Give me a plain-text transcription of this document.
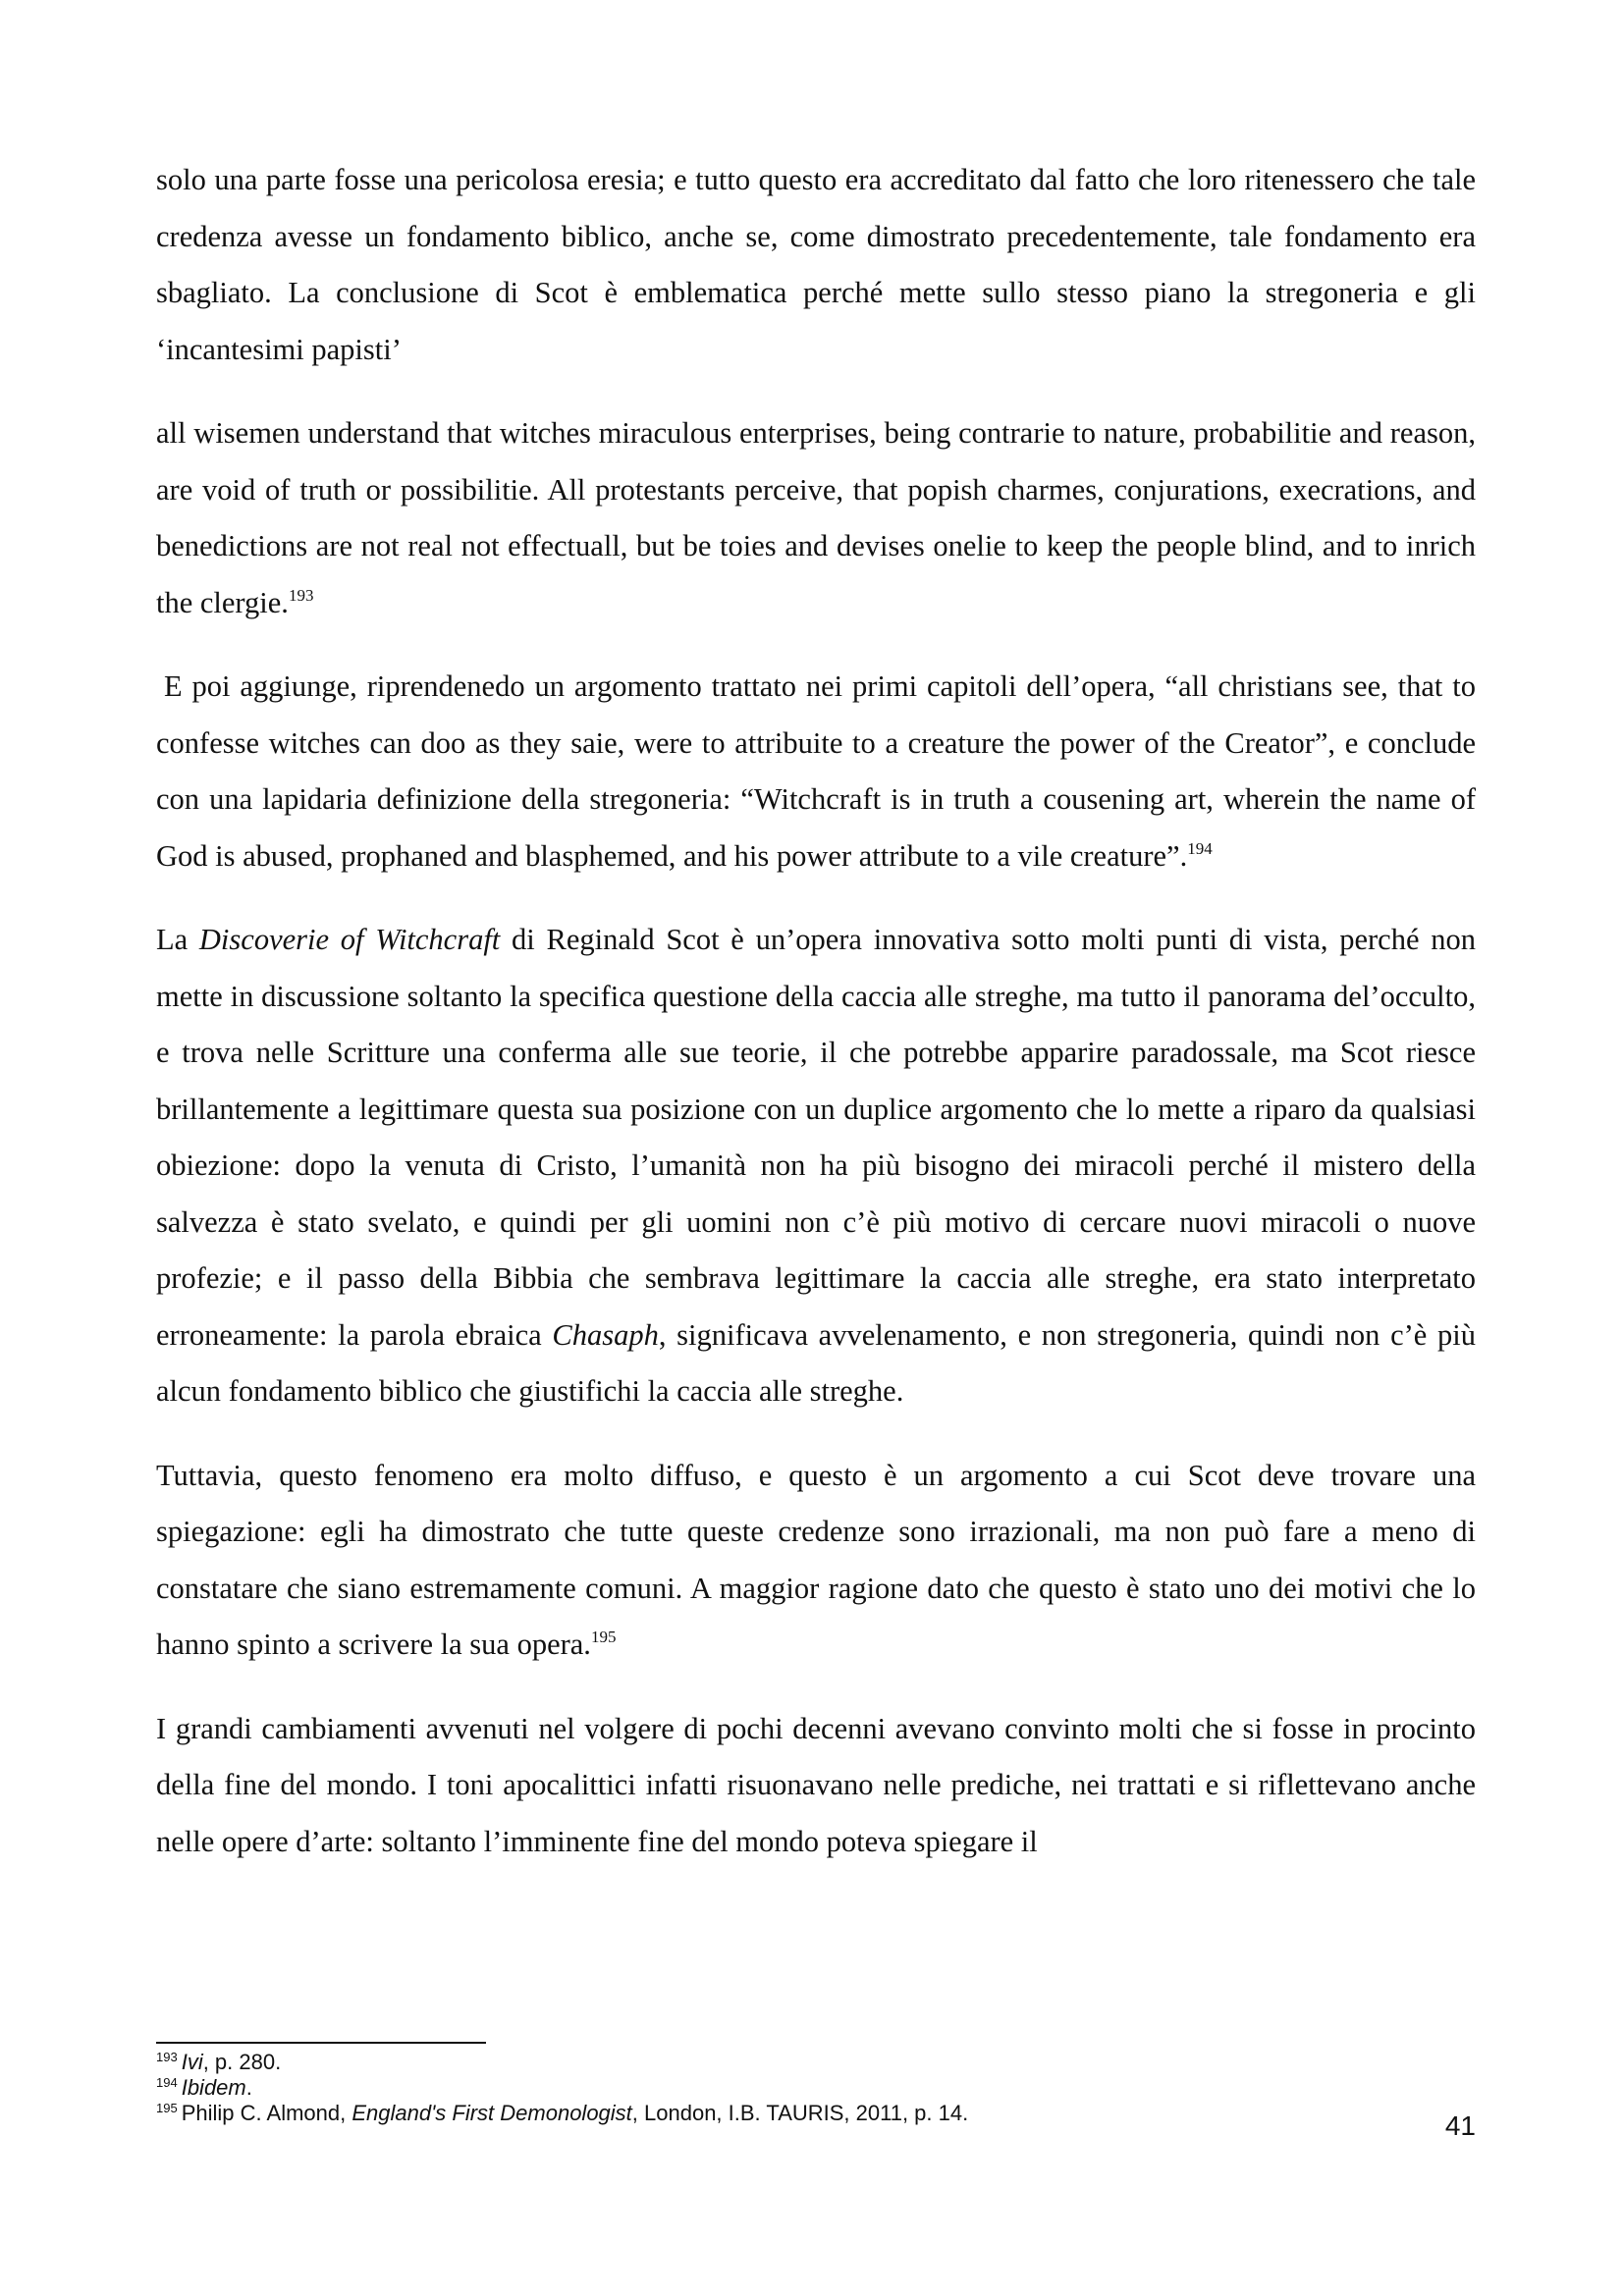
solo una parte fosse una pericolosa eresia; e tutto questo era accreditato dal fatto che loro ritenessero che tale credenza avesse un fondamento biblico, anche se, come dimostrato precedentemente, tale fondamento era sbagliato. La conclusione di Scot è emblematica perché mette sullo stesso piano la stregoneria e gli ‘incantesimi papisti’

all wisemen understand that witches miraculous enterprises, being contrarie to nature, probabilitie and reason, are void of truth or possibilitie. All protestants perceive, that popish charmes, conjurations, execrations, and benedictions are not real not effectuall, but be toies and devises onelie to keep the people blind, and to inrich the clergie.$^{193}$

E poi aggiunge, riprendenedo un argomento trattato nei primi capitoli dell’opera, “all christians see, that to confesse witches can doo as they saie, were to attribuite to a creature the power of the Creator”, e conclude con una lapidaria definizione della stregoneria: “Witchcraft is in truth a cousening art, wherein the name of God is abused, prophaned and blasphemed, and his power attribute to a vile creature”.$^{194}$

La Discoverie of Witchcraft di Reginald Scot è un’opera innovativa sotto molti punti di vista, perché non mette in discussione soltanto la specifica questione della caccia alle streghe, ma tutto il panorama del’occulto, e trova nelle Scritture una conferma alle sue teorie, il che potrebbe apparire paradossale, ma Scot riesce brillantemente a legittimare questa sua posizione con un duplice argomento che lo mette a riparo da qualsiasi obiezione: dopo la venuta di Cristo, l’umanità non ha più bisogno dei miracoli perché il mistero della salvezza è stato svelato, e quindi per gli uomini non c’è più motivo di cercare nuovi miracoli o nuove profezie; e il passo della Bibbia che sembrava legittimare la caccia alle streghe, era stato interpretato erroneamente: la parola ebraica Chasaph, significava avvelenamento, e non stregoneria, quindi non c’è più alcun fondamento biblico che giustifichi la caccia alle streghe.

Tuttavia, questo fenomeno era molto diffuso, e questo è un argomento a cui Scot deve trovare una spiegazione: egli ha dimostrato che tutte queste credenze sono irrazionali, ma non può fare a meno di constatare che siano estremamente comuni. A maggior ragione dato che questo è stato uno dei motivi che lo hanno spinto a scrivere la sua opera.$^{195}$

I grandi cambiamenti avvenuti nel volgere di pochi decenni avevano convinto molti che si fosse in procinto della fine del mondo. I toni apocalittici infatti risuonavano nelle prediche, nei trattati e si riflettevano anche nelle opere d’arte: soltanto l’imminente fine del mondo poteva spiegare il

$^{193}$ Ivi, p. 280.

$^{194}$ Ibidem.

$^{195}$ Philip C. Almond, England's First Demonologist, London, I.B. TAURIS, 2011, p. 14.	41
